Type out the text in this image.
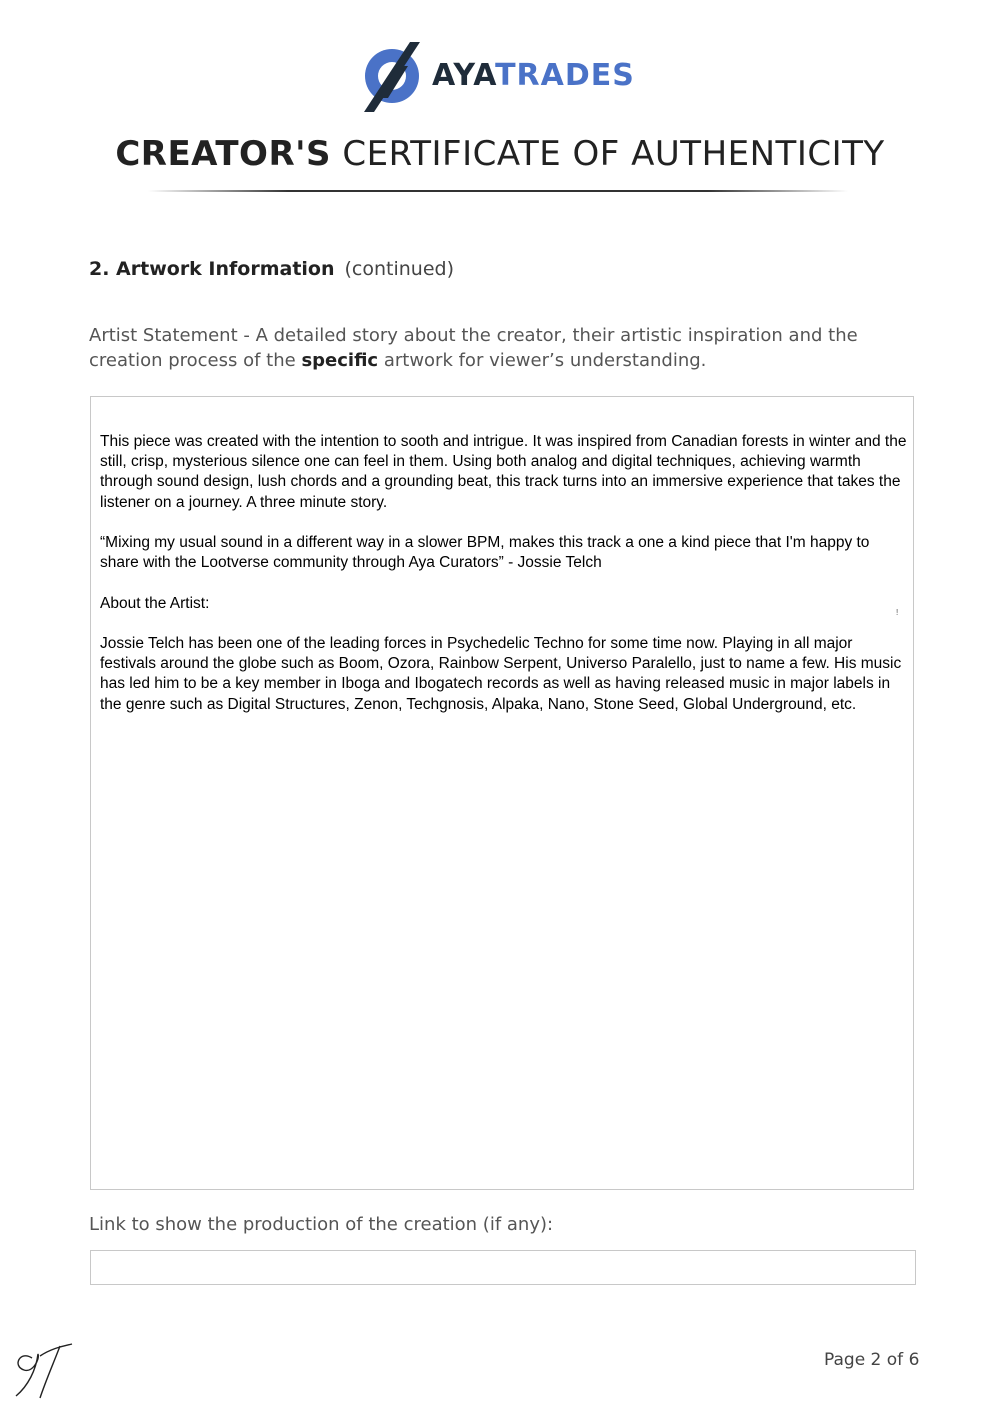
AYATRADES
CREATOR'S CERTIFICATE OF AUTHENTICITY
2. Artwork Information (continued)
Artist Statement - A detailed story about the creator, their artistic inspiration and the creation process of the specific artwork for viewer’s understanding.

This piece was created with the intention to sooth and intrigue. It was inspired from Canadian forests in winter and the still, crisp, mysterious silence one can feel in them. Using both analog and digital techniques, achieving warmth through sound design, lush chords and a grounding beat, this track turns into an immersive experience that takes the listener on a journey. A three minute story.

“Mixing my usual sound in a different way in a slower BPM, makes this track a one a kind piece that I'm happy to share with the Lootverse community through Aya Curators” - Jossie Telch

About the Artist:

Jossie Telch has been one of the leading forces in Psychedelic Techno for some time now. Playing in all major festivals around the globe such as Boom, Ozora, Rainbow Serpent, Universo Paralello, just to name a few. His music has led him to be a key member in Iboga and Ibogatech records as well as having released music in major labels in the genre such as Digital Structures, Zenon, Techgnosis, Alpaka, Nano, Stone Seed, Global Underground, etc.

!
Link to show the production of the creation (if any):
Page 2 of 6
